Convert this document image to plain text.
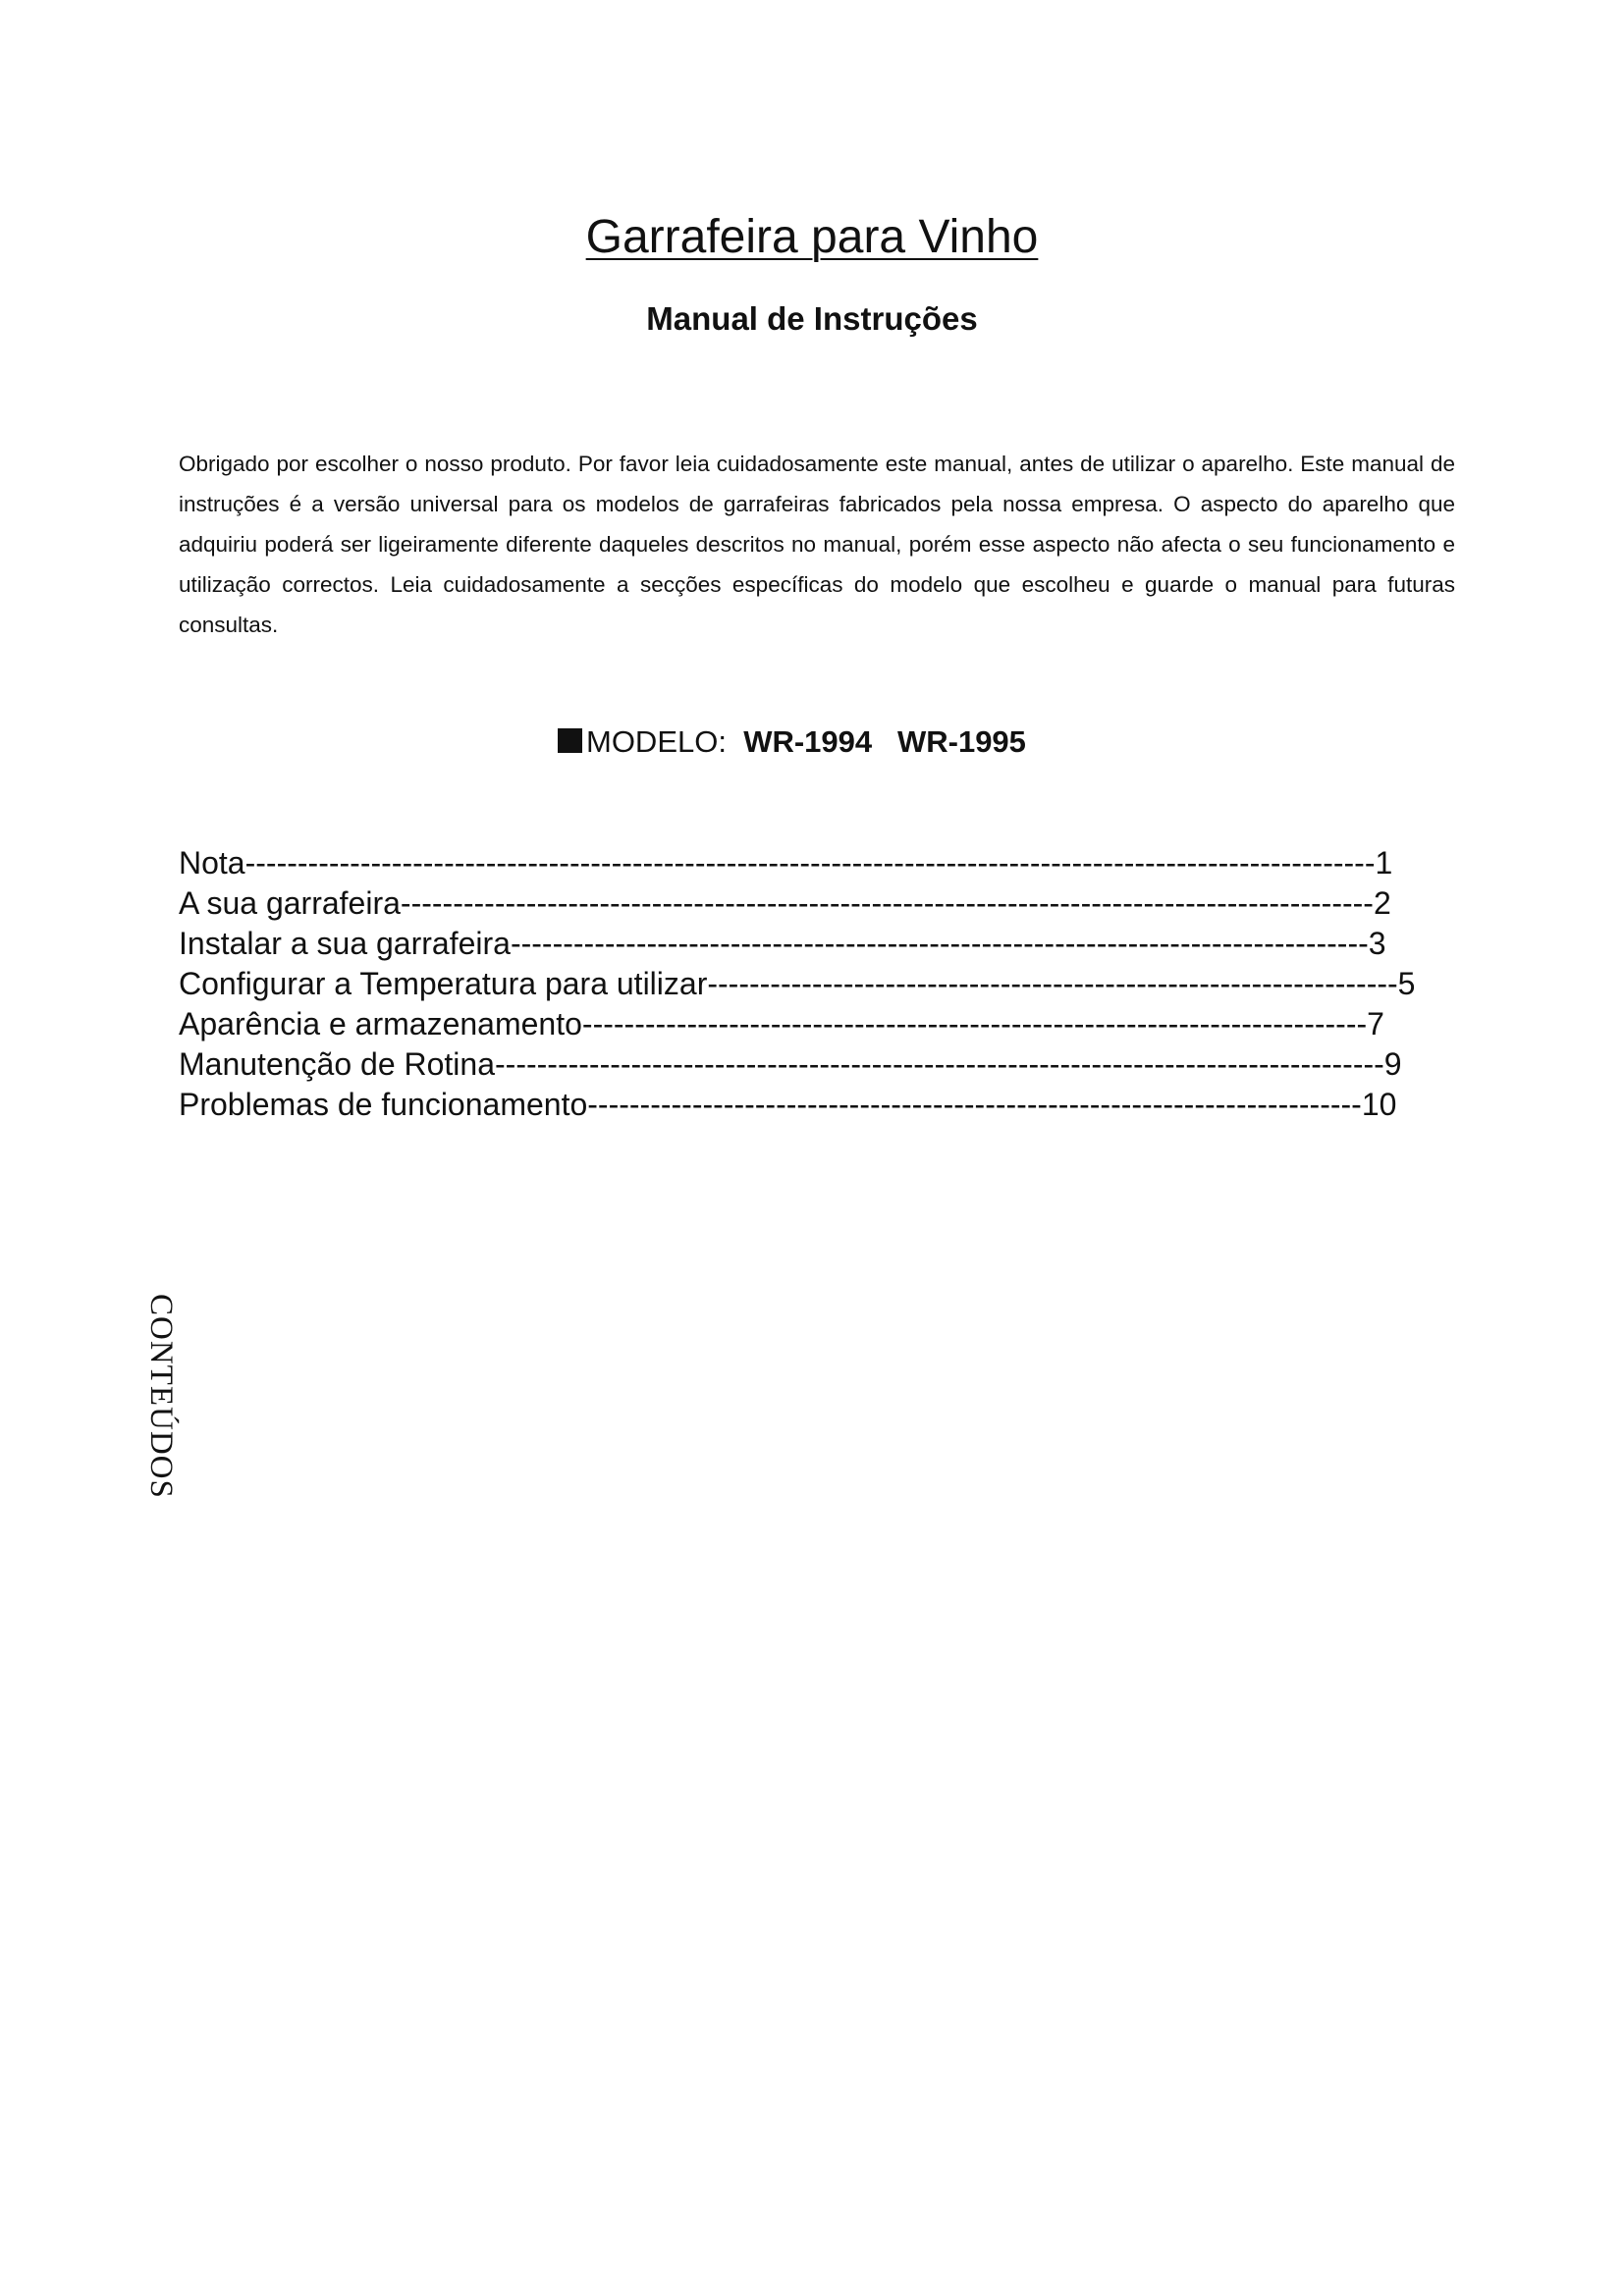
Garrafeira para Vinho
Manual de Instruções

Obrigado por escolher o nosso produto. Por favor leia cuidadosamente este manual, antes de utilizar o aparelho. Este manual de instruções é a versão universal para os modelos de garrafeiras fabricados pela nossa empresa. O aspecto do aparelho que adquiriu poderá ser ligeiramente diferente daqueles descritos no manual, porém esse aspecto não afecta o seu funcionamento e utilização correctos. Leia cuidadosamente a secções específicas do modelo que escolheu e guarde o manual para futuras consultas.

MODELO: WR-1994 WR-1995
Nota------------------------------------------------------------------------------------------------------------1
A sua garrafeira---------------------------------------------------------------------------------------------2
Instalar a sua garrafeira----------------------------------------------------------------------------------3
Configurar a Temperatura para utilizar------------------------------------------------------------------5
Aparência e armazenamento---------------------------------------------------------------------------7
Manutenção de Rotina-------------------------------------------------------------------------------------9
Problemas de funcionamento--------------------------------------------------------------------------10
CONTEÚDOS
